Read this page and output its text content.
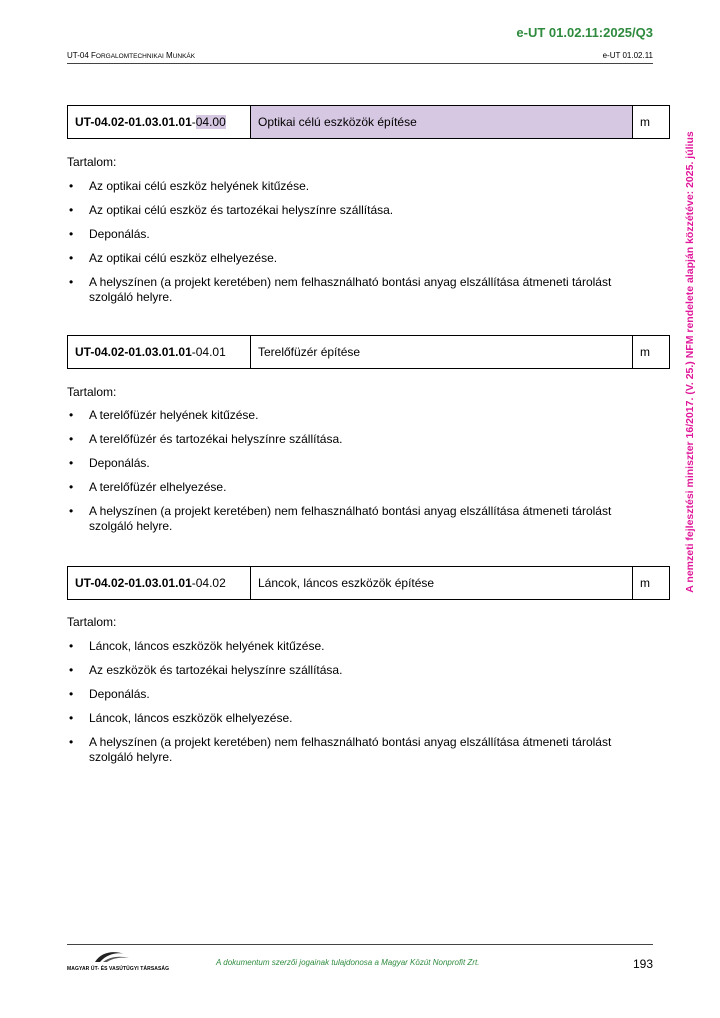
e-UT 01.02.11:2025/Q3
UT-04 FORGALOMTECHNIKAI MUNKÁK	e-UT 01.02.11
A nemzeti fejlesztési miniszter 16/2017. (V. 25.) NFM rendelete alapján közzétéve: 2025. július
UT-04.02-01.03.01.01-04.00	Optikai célú eszközök építése	m
Tartalom:
• Az optikai célú eszköz helyének kitűzése.
• Az optikai célú eszköz és tartozékai helyszínre szállítása.
• Deponálás.
• Az optikai célú eszköz elhelyezése.
• A helyszínen (a projekt keretében) nem felhasználható bontási anyag elszállítása átmeneti tárolást szolgáló helyre.
UT-04.02-01.03.01.01-04.01	Terelőfüzér építése	m
Tartalom:
• A terelőfüzér helyének kitűzése.
• A terelőfüzér és tartozékai helyszínre szállítása.
• Deponálás.
• A terelőfüzér elhelyezése.
• A helyszínen (a projekt keretében) nem felhasználható bontási anyag elszállítása átmeneti tárolást szolgáló helyre.
UT-04.02-01.03.01.01-04.02	Láncok, láncos eszközök építése	m
Tartalom:
• Láncok, láncos eszközök helyének kitűzése.
• Az eszközök és tartozékai helyszínre szállítása.
• Deponálás.
• Láncok, láncos eszközök elhelyezése.
• A helyszínen (a projekt keretében) nem felhasználható bontási anyag elszállítása átmeneti tárolást szolgáló helyre.
MAGYAR ÚT- ÉS VASÚTÜGYI TÁRSASÁG
A dokumentum szerzői jogainak tulajdonosa a Magyar Közút Nonprofit Zrt.	193
